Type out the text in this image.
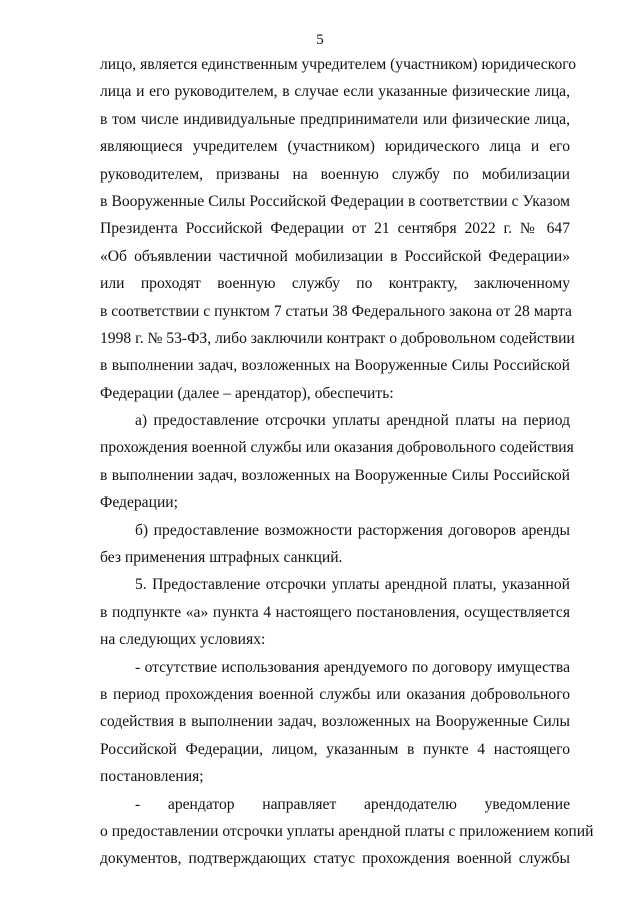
5
лицо, является единственным учредителем (участником) юридического
лица и его руководителем, в случае если указанные физические лица,
в том числе индивидуальные предприниматели или физические лица,
являющиеся учредителем (участником) юридического лица и его
руководителем, призваны на военную службу по мобилизации
в Вооруженные Силы Российской Федерации в соответствии с Указом
Президента Российской Федерации от 21 сентября 2022 г. № 647
«Об объявлении частичной мобилизации в Российской Федерации»
или проходят военную службу по контракту, заключенному
в соответствии с пунктом 7 статьи 38 Федерального закона от 28 марта
1998 г. № 53-ФЗ, либо заключили контракт о добровольном содействии
в выполнении задач, возложенных на Вооруженные Силы Российской
Федерации (далее – арендатор), обеспечить:
а) предоставление отсрочки уплаты арендной платы на период
прохождения военной службы или оказания добровольного содействия
в выполнении задач, возложенных на Вооруженные Силы Российской
Федерации;
б) предоставление возможности расторжения договоров аренды
без применения штрафных санкций.
5. Предоставление отсрочки уплаты арендной платы, указанной
в подпункте «а» пункта 4 настоящего постановления, осуществляется
на следующих условиях:
- отсутствие использования арендуемого по договору имущества
в период прохождения военной службы или оказания добровольного
содействия в выполнении задач, возложенных на Вооруженные Силы
Российской Федерации, лицом, указанным в пункте 4 настоящего
постановления;
- арендатор направляет арендодателю уведомление
о предоставлении отсрочки уплаты арендной платы с приложением копий
документов, подтверждающих статус прохождения военной службы
